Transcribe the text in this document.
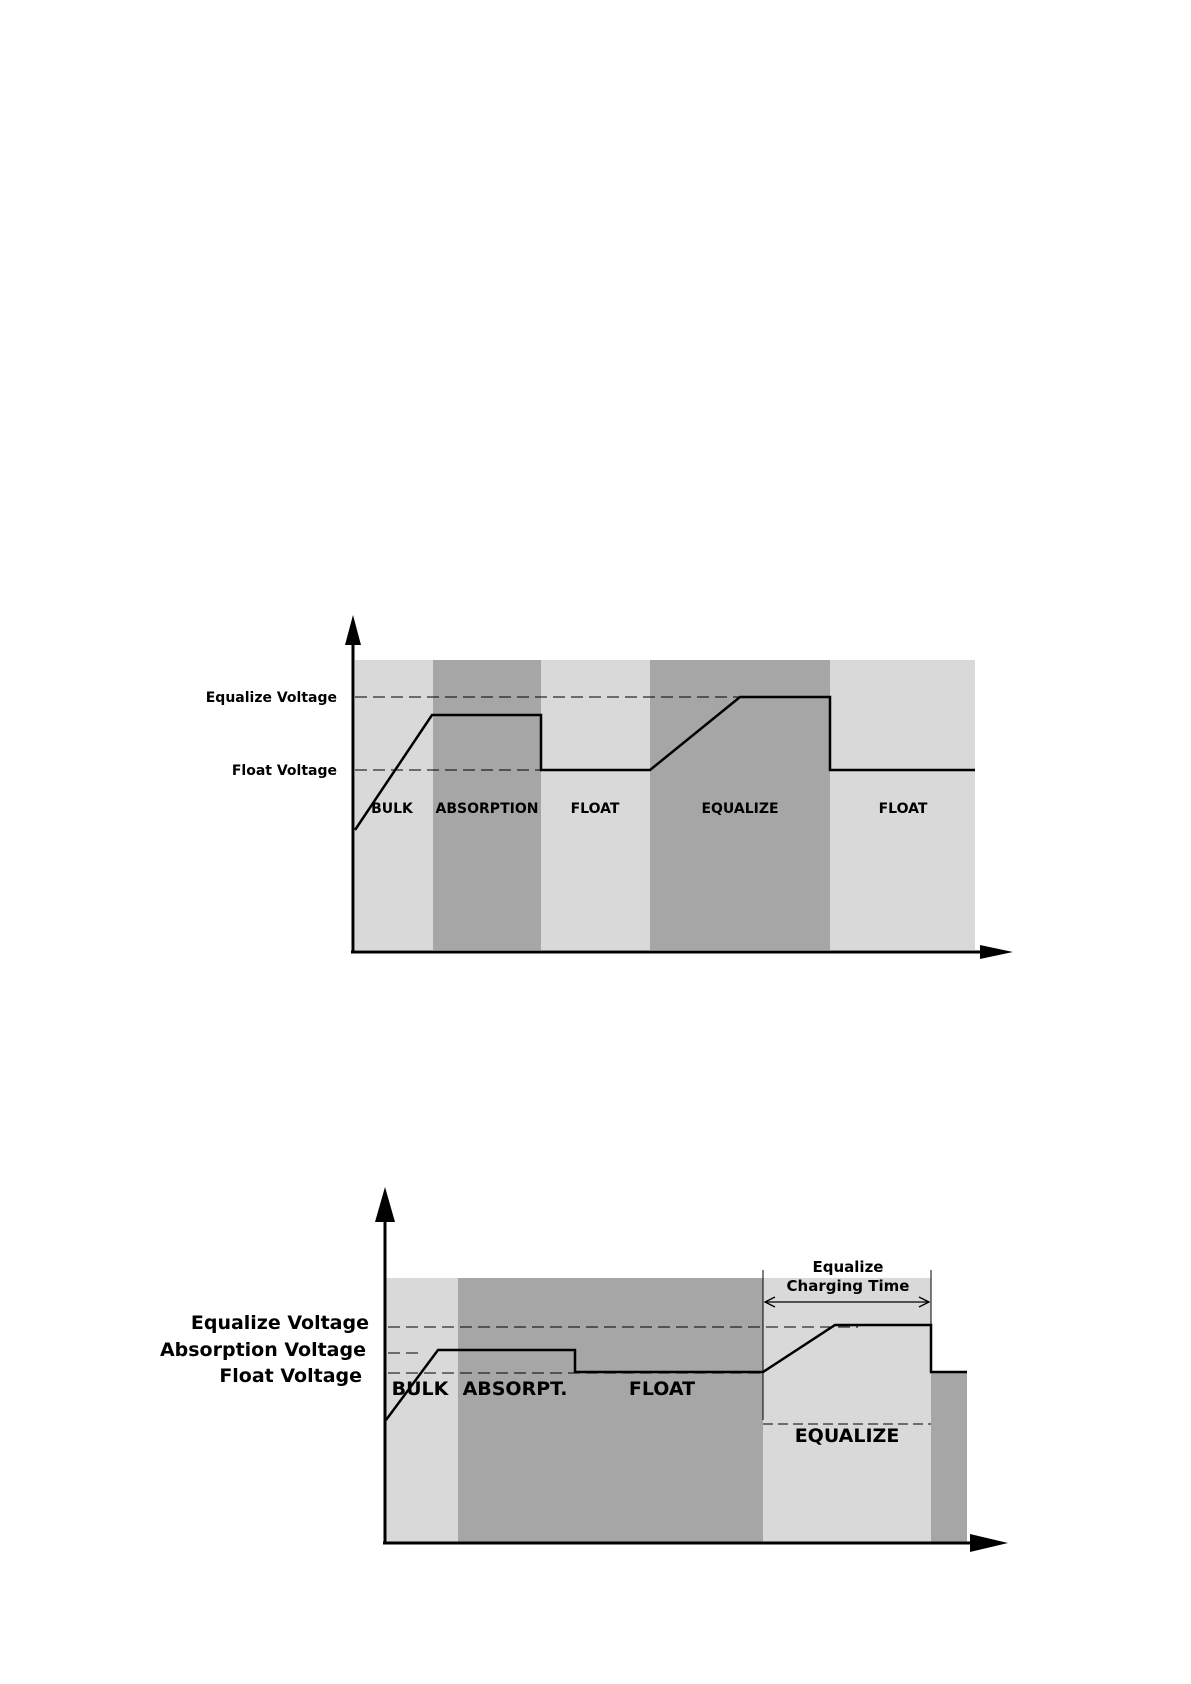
Equalize Voltage
Float Voltage
BULK ABSORPTION FLOAT	EQUALIZE	FLOAT
Equalize Voltage
Absorption Voltage
Float Voltage
BULK ABSORPT.	FLOAT
EQUALIZE
Equalize
Charging Time
